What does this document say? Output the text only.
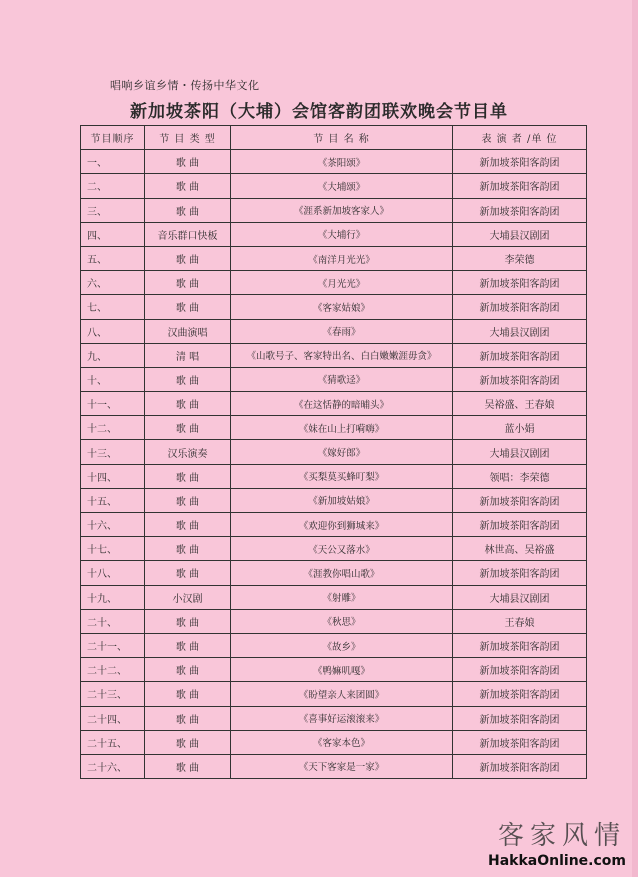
唱响乡谊乡情・传扬中华文化
新加坡茶阳（大埔）会馆客韵团联欢晚会节目单
节目顺序	节 目 类 型	节 目 名 称	表 演 者 /单 位
一、	歌 曲	《茶阳颂》	新加坡茶阳客韵团
二、	歌 曲	《大埔颂》	新加坡茶阳客韵团
三、	歌 曲	《涯系新加坡客家人》	新加坡茶阳客韵团
四、	音乐群口快板	《大埔行》	大埔县汉剧团
五、	歌 曲	《南洋月光光》	李荣德
六、	歌 曲	《月光光》	新加坡茶阳客韵团
七、	歌 曲	《客家姑娘》	新加坡茶阳客韵团
八、	汉曲演唱	《春雨》	大埔县汉剧团
九、	清 唱	《山歌号子、客家特出名、白白嫩嫩涯毋贪》	新加坡茶阳客韵团
十、	歌 曲	《猜歌迳》	新加坡茶阳客韵团
十一、	歌 曲	《在这恬静的暗晡头》	吴裕盛、王春娘
十二、	歌 曲	《妹在山上打嗬嗨》	蓝小娟
十三、	汉乐演奏	《嫁好郎》	大埔县汉剧团
十四、	歌 曲	《买梨莫买蜂叮梨》	领唱：李荣德
十五、	歌 曲	《新加坡姑娘》	新加坡茶阳客韵团
十六、	歌 曲	《欢迎你到狮城来》	新加坡茶阳客韵团
十七、	歌 曲	《天公又落水》	林世高、吴裕盛
十八、	歌 曲	《涯教你唱山歌》	新加坡茶阳客韵团
十九、	小汉剧	《射雕》	大埔县汉剧团
二十、	歌 曲	《秋思》	王春娘
二十一、	歌 曲	《故乡》	新加坡茶阳客韵团
二十二、	歌 曲	《鸭嫲叽嘎》	新加坡茶阳客韵团
二十三、	歌 曲	《盼望亲人来团圆》	新加坡茶阳客韵团
二十四、	歌 曲	《喜事好运滚滚来》	新加坡茶阳客韵团
二十五、	歌 曲	《客家本色》	新加坡茶阳客韵团
二十六、	歌 曲	《天下客家是一家》	新加坡茶阳客韵团
客家风情
HakkaOnline.com
